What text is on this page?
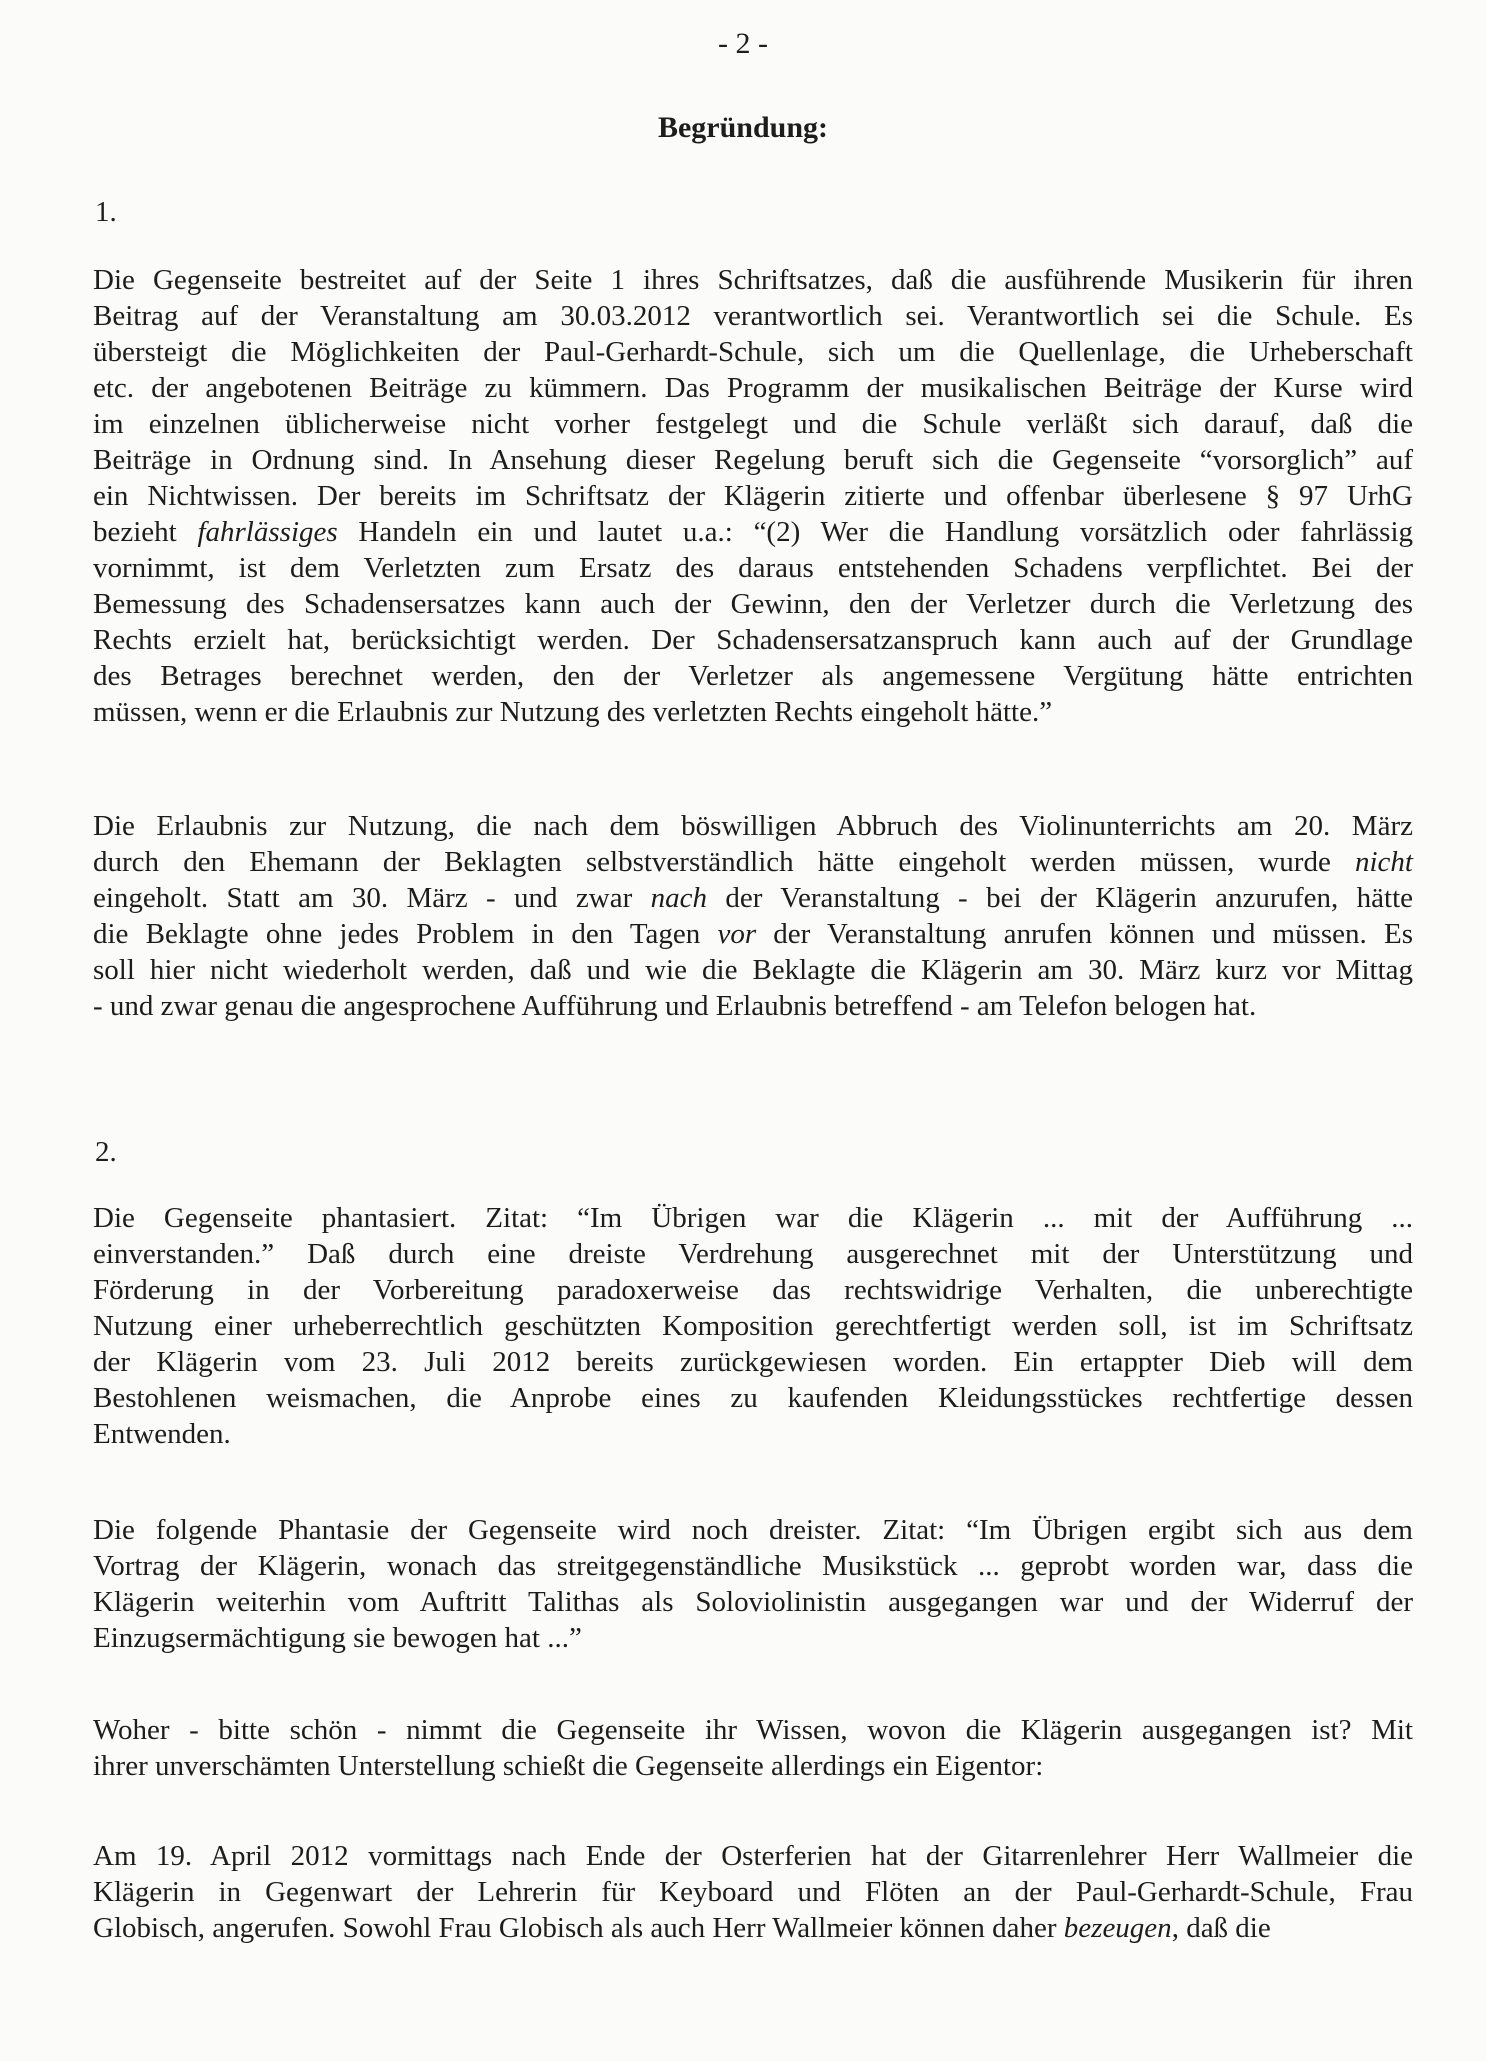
- 2 -
Begründung:
1.
Die Gegenseite bestreitet auf der Seite 1 ihres Schriftsatzes, daß die ausführende Musikerin für ihren
Beitrag auf der Veranstaltung am 30.03.2012 verantwortlich sei. Verantwortlich sei die Schule. Es
übersteigt die Möglichkeiten der Paul-Gerhardt-Schule, sich um die Quellenlage, die Urheberschaft
etc. der angebotenen Beiträge zu kümmern. Das Programm der musikalischen Beiträge der Kurse wird
im einzelnen üblicherweise nicht vorher festgelegt und die Schule verläßt sich darauf, daß die
Beiträge in Ordnung sind. In Ansehung dieser Regelung beruft sich die Gegenseite “vorsorglich” auf
ein Nichtwissen. Der bereits im Schriftsatz der Klägerin zitierte und offenbar überlesene § 97 UrhG
bezieht fahrlässiges Handeln ein und lautet u.a.: “(2) Wer die Handlung vorsätzlich oder fahrlässig
vornimmt, ist dem Verletzten zum Ersatz des daraus entstehenden Schadens verpflichtet. Bei der
Bemessung des Schadensersatzes kann auch der Gewinn, den der Verletzer durch die Verletzung des
Rechts erzielt hat, berücksichtigt werden. Der Schadensersatzanspruch kann auch auf der Grundlage
des Betrages berechnet werden, den der Verletzer als angemessene Vergütung hätte entrichten
müssen, wenn er die Erlaubnis zur Nutzung des verletzten Rechts eingeholt hätte.”
Die Erlaubnis zur Nutzung, die nach dem böswilligen Abbruch des Violinunterrichts am 20. März
durch den Ehemann der Beklagten selbstverständlich hätte eingeholt werden müssen, wurde nicht
eingeholt. Statt am 30. März - und zwar nach der Veranstaltung - bei der Klägerin anzurufen, hätte
die Beklagte ohne jedes Problem in den Tagen vor der Veranstaltung anrufen können und müssen. Es
soll hier nicht wiederholt werden, daß und wie die Beklagte die Klägerin am 30. März kurz vor Mittag
- und zwar genau die angesprochene Aufführung und Erlaubnis betreffend - am Telefon belogen hat.
2.
Die Gegenseite phantasiert. Zitat: “Im Übrigen war die Klägerin ... mit der Aufführung ...
einverstanden.” Daß durch eine dreiste Verdrehung ausgerechnet mit der Unterstützung und
Förderung in der Vorbereitung paradoxerweise das rechtswidrige Verhalten, die unberechtigte
Nutzung einer urheberrechtlich geschützten Komposition gerechtfertigt werden soll, ist im Schriftsatz
der Klägerin vom 23. Juli 2012 bereits zurückgewiesen worden. Ein ertappter Dieb will dem
Bestohlenen weismachen, die Anprobe eines zu kaufenden Kleidungsstückes rechtfertige dessen
Entwenden.
Die folgende Phantasie der Gegenseite wird noch dreister. Zitat: “Im Übrigen ergibt sich aus dem
Vortrag der Klägerin, wonach das streitgegenständliche Musikstück ... geprobt worden war, dass die
Klägerin weiterhin vom Auftritt Talithas als Soloviolinistin ausgegangen war und der Widerruf der
Einzugsermächtigung sie bewogen hat ...”
Woher - bitte schön - nimmt die Gegenseite ihr Wissen, wovon die Klägerin ausgegangen ist? Mit
ihrer unverschämten Unterstellung schießt die Gegenseite allerdings ein Eigentor:
Am 19. April 2012 vormittags nach Ende der Osterferien hat der Gitarrenlehrer Herr Wallmeier die
Klägerin in Gegenwart der Lehrerin für Keyboard und Flöten an der Paul-Gerhardt-Schule, Frau
Globisch, angerufen. Sowohl Frau Globisch als auch Herr Wallmeier können daher bezeugen, daß die
